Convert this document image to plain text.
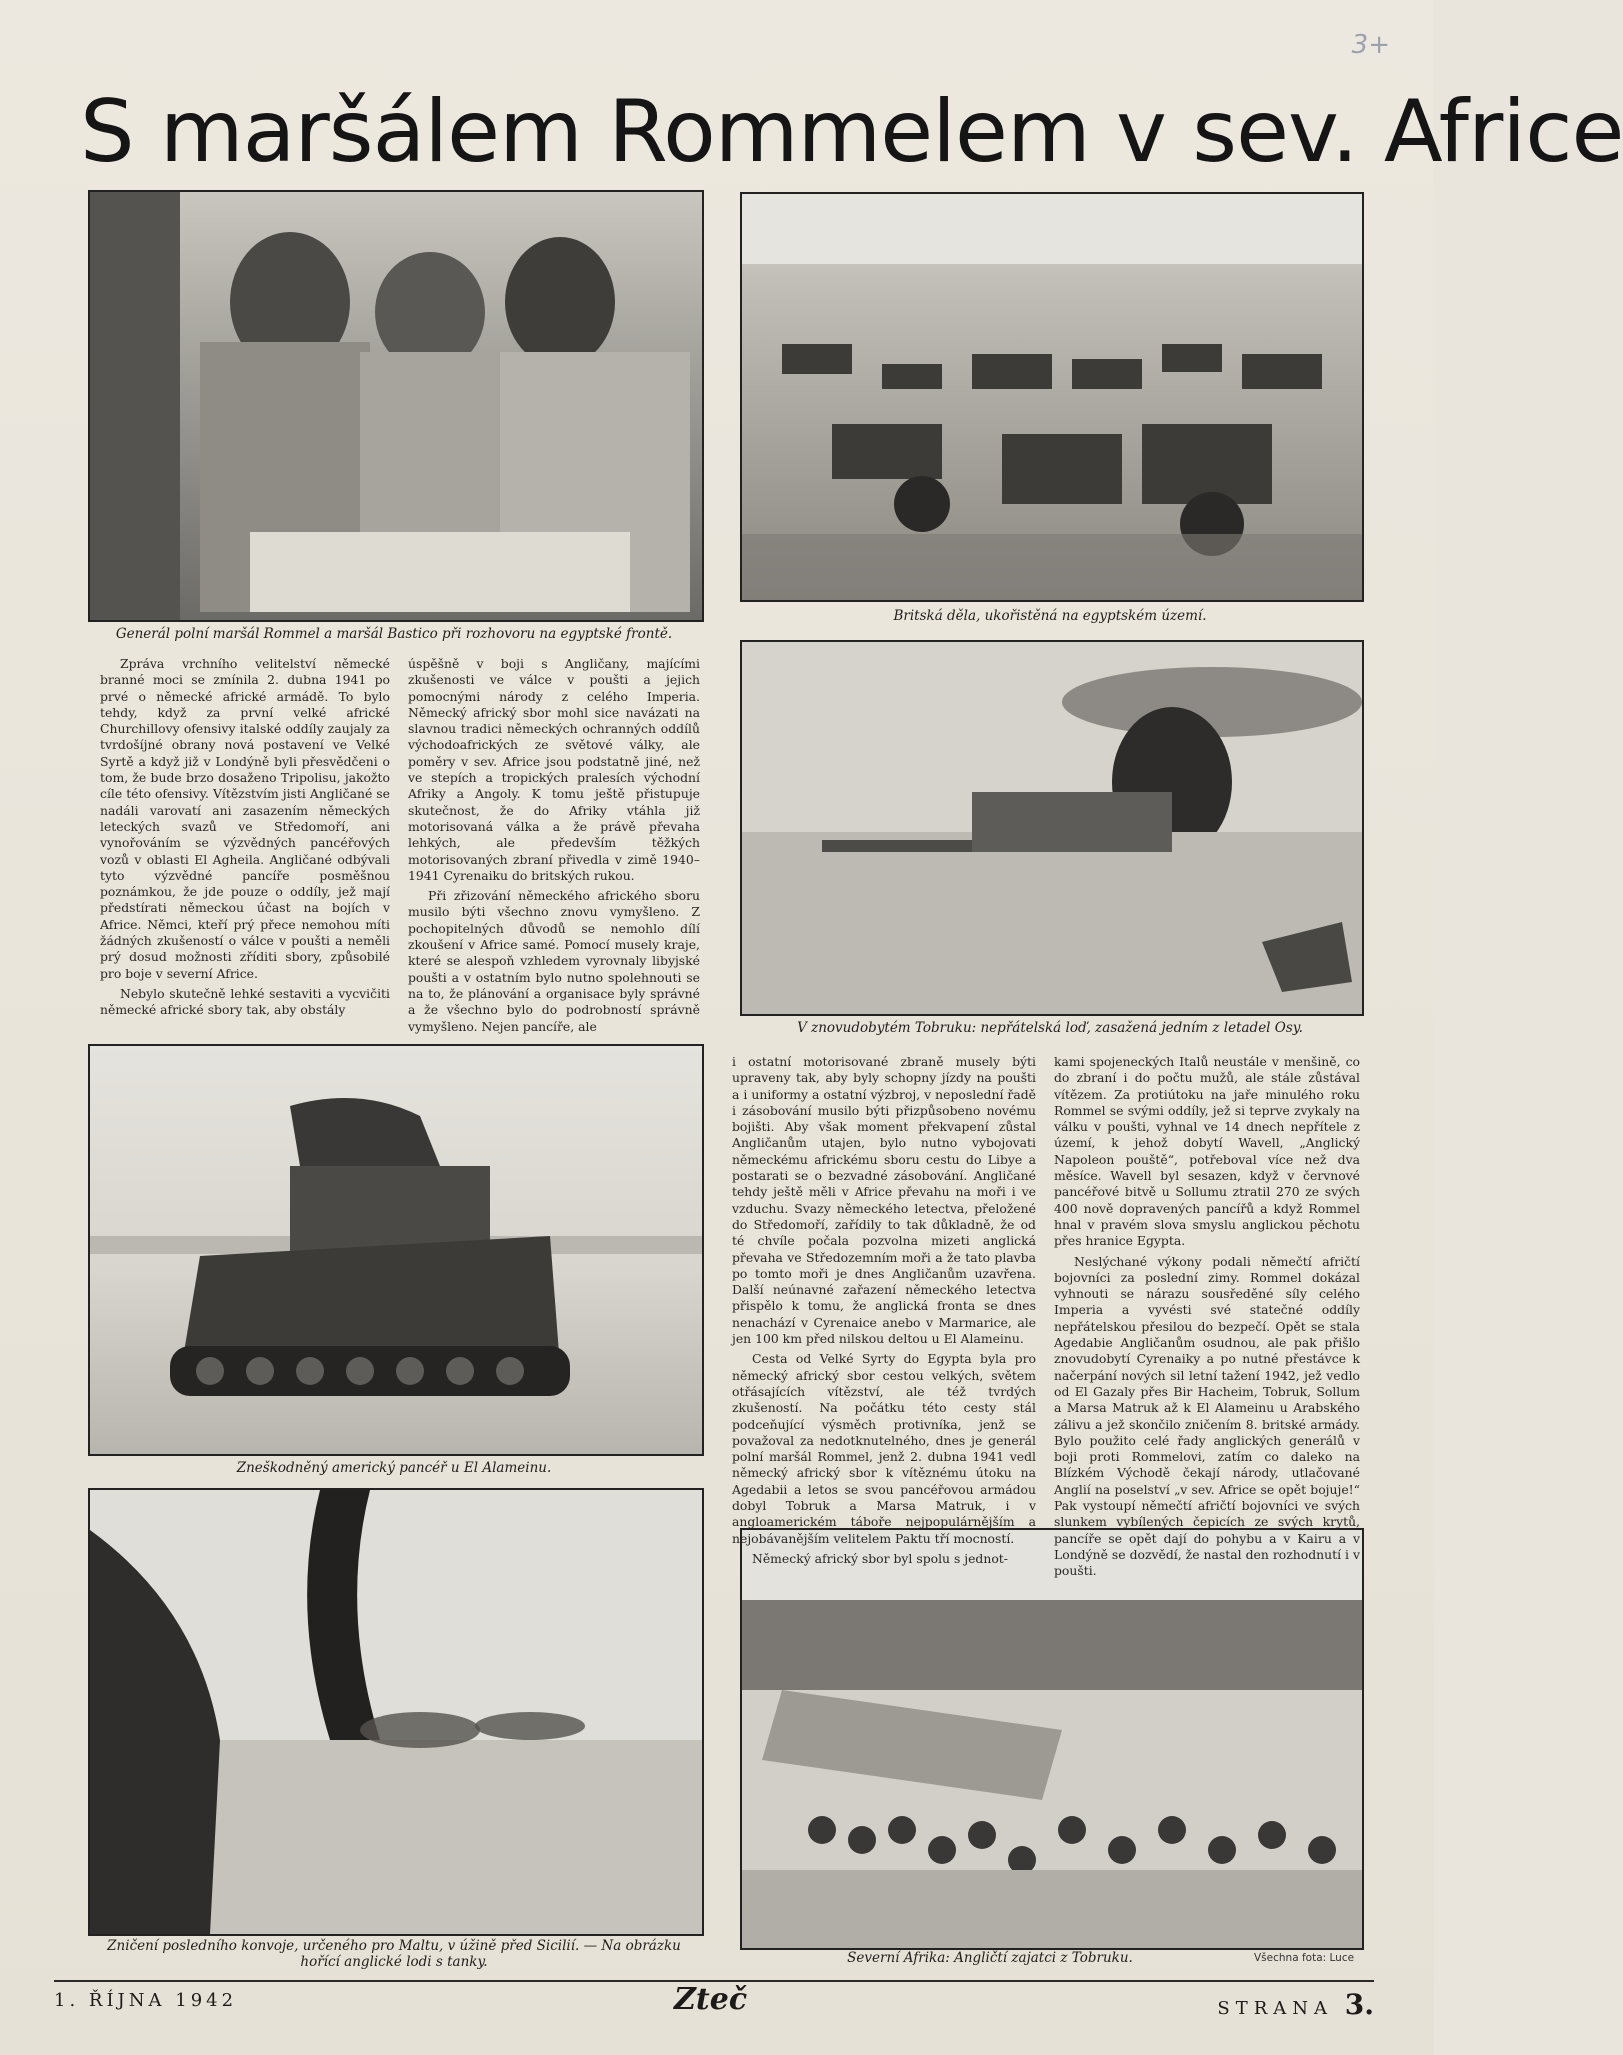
3+
S maršálem Rommelem v sev. Africe
Generál polní maršál Rommel a maršál Bastico při rozhovoru na egyptské frontě.
Britská děla, ukořistěná na egyptském území.
V znovudobytém Tobruku: nepřátelská loď, zasažená jedním z letadel Osy.
Zneškodněný americký pancéř u El Alameinu.
Zničení posledního konvoje, určeného pro Maltu, v úžině před Sicilií. — Na obrázku hořící anglické lodi s tanky.	Severní Afrika: Angličtí zajatci z Tobruku.	Všechna fota: Luce

Zpráva vrchního velitelství německé branné moci se zmínila 2. dubna 1941 po prvé o německé africké armádě. To bylo tehdy, když za první velké africké Churchillovy ofensivy italské oddíly zaujaly za tvrdošíjné obrany nová postavení ve Velké Syrtě a když již v Londýně byli přesvědčeni o tom, že bude brzo dosaženo Tripolisu, jakožto cíle této ofensivy. Vítězstvím jisti Angličané se nadáli varovatí ani zasazením německých leteckých svazů ve Středomoří, ani vynořováním se výzvědných pancéřových vozů v oblasti El Agheila. Angličané odbývali tyto výzvědné pancíře posměšnou poznámkou, že jde pouze o oddíly, jež mají předstírati německou účast na bojích v Africe. Němci, kteří prý přece nemohou míti žádných zkušeností o válce v poušti a neměli prý dosud možnosti zříditi sbory, způsobilé pro boje v severní Africe.

Nebylo skutečně lehké sestaviti a vycvičiti německé africké sbory tak, aby obstály

úspěšně v boji s Angličany, majícími zkušenosti ve válce v poušti a jejich pomocnými národy z celého Imperia. Německý africký sbor mohl sice navázati na slavnou tradici německých ochranných oddílů východoafrických ze světové války, ale poměry v sev. Africe jsou podstatně jiné, než ve stepích a tropických pralesích východní Afriky a Angoly. K tomu ještě přistupuje skutečnost, že do Afriky vtáhla již motorisovaná válka a že právě převaha lehkých, ale především těžkých motorisovaných zbraní přivedla v zimě 1940–1941 Cyrenaiku do britských rukou.

Při zřizování německého afrického sboru musilo býti všechno znovu vymyšleno. Z pochopitelných důvodů se nemohlo dílí zkoušení v Africe samé. Pomocí musely kraje, které se alespoň vzhledem vyrovnaly libyjské poušti a v ostatním bylo nutno spolehnouti se na to, že plánování a organisace byly správné a že všechno bylo do podrobností správně vymyšleno. Nejen pancíře, ale

i ostatní motorisované zbraně musely býti upraveny tak, aby byly schopny jízdy na poušti a i uniformy a ostatní výzbroj, v neposlední řadě i zásobování musilo býti přizpůsobeno novému bojišti. Aby však moment překvapení zůstal Angličanům utajen, bylo nutno vybojovati německému africkému sboru cestu do Libye a postarati se o bezvadné zásobování. Angličané tehdy ještě měli v Africe převahu na moři i ve vzduchu. Svazy německého letectva, přeložené do Středomoří, zařídily to tak důkladně, že od té chvíle počala pozvolna mizeti anglická převaha ve Středozemním moři a že tato plavba po tomto moři je dnes Angličanům uzavřena. Další neúnavné zařazení německého letectva přispělo k tomu, že anglická fronta se dnes nenachází v Cyrenaice anebo v Marmarice, ale jen 100 km před nilskou deltou u El Alameinu.

Cesta od Velké Syrty do Egypta byla pro německý africký sbor cestou velkých, světem otřásajících vítězství, ale též tvrdých zkušeností. Na počátku této cesty stál podceňující výsměch protivníka, jenž se považoval za nedotknutelného, dnes je generál polní maršál Rommel, jenž 2. dubna 1941 vedl německý africký sbor k vítěznému útoku na Agedabii a letos se svou pancéřovou armádou dobyl Tobruk a Marsa Matruk, i v angloamerickém táboře nejpopulárnějším a nejobávanějším velitelem Paktu tří mocností.

Německý africký sbor byl spolu s jednot-

kami spojeneckých Italů neustále v menšině, co do zbraní i do počtu mužů, ale stále zůstával vítězem. Za protiútoku na jaře minulého roku Rommel se svými oddíly, jež si teprve zvykaly na válku v poušti, vyhnal ve 14 dnech nepřítele z území, k jehož dobytí Wavell, „Anglický Napoleon pouště“, potřeboval více než dva měsíce. Wavell byl sesazen, když v červnové pancéřové bitvě u Sollumu ztratil 270 ze svých 400 nově dopravených pancířů a když Rommel hnal v pravém slova smyslu anglickou pěchotu přes hranice Egypta.

Neslýchané výkony podali němečtí afričtí bojovníci za poslední zimy. Rommel dokázal vyhnouti se nárazu sousředěné síly celého Imperia a vyvésti své statečné oddíly nepřátelskou přesilou do bezpečí. Opět se stala Agedabie Angličanům osudnou, ale pak přišlo znovudobytí Cyrenaiky a po nutné přestávce k načerpání nových sil letní tažení 1942, jež vedlo od El Gazaly přes Bir Hacheim, Tobruk, Sollum a Marsa Matruk až k El Alameinu u Arabského zálivu a jež skončilo zničením 8. britské armády. Bylo použito celé řady anglických generálů v boji proti Rommelovi, zatím co daleko na Blízkém Východě čekají národy, utlačované Anglií na poselství „v sev. Africe se opět bojuje!“ Pak vystoupí němečtí afričtí bojovníci ve svých slunkem vybílených čepicích ze svých krytů, pancíře se opět dají do pohybu a v Kairu a v Londýně se dozvědí, že nastal den rozhodnutí i v poušti.

1. ŘÍJNA 1942	Zteč	STRANA 3.
